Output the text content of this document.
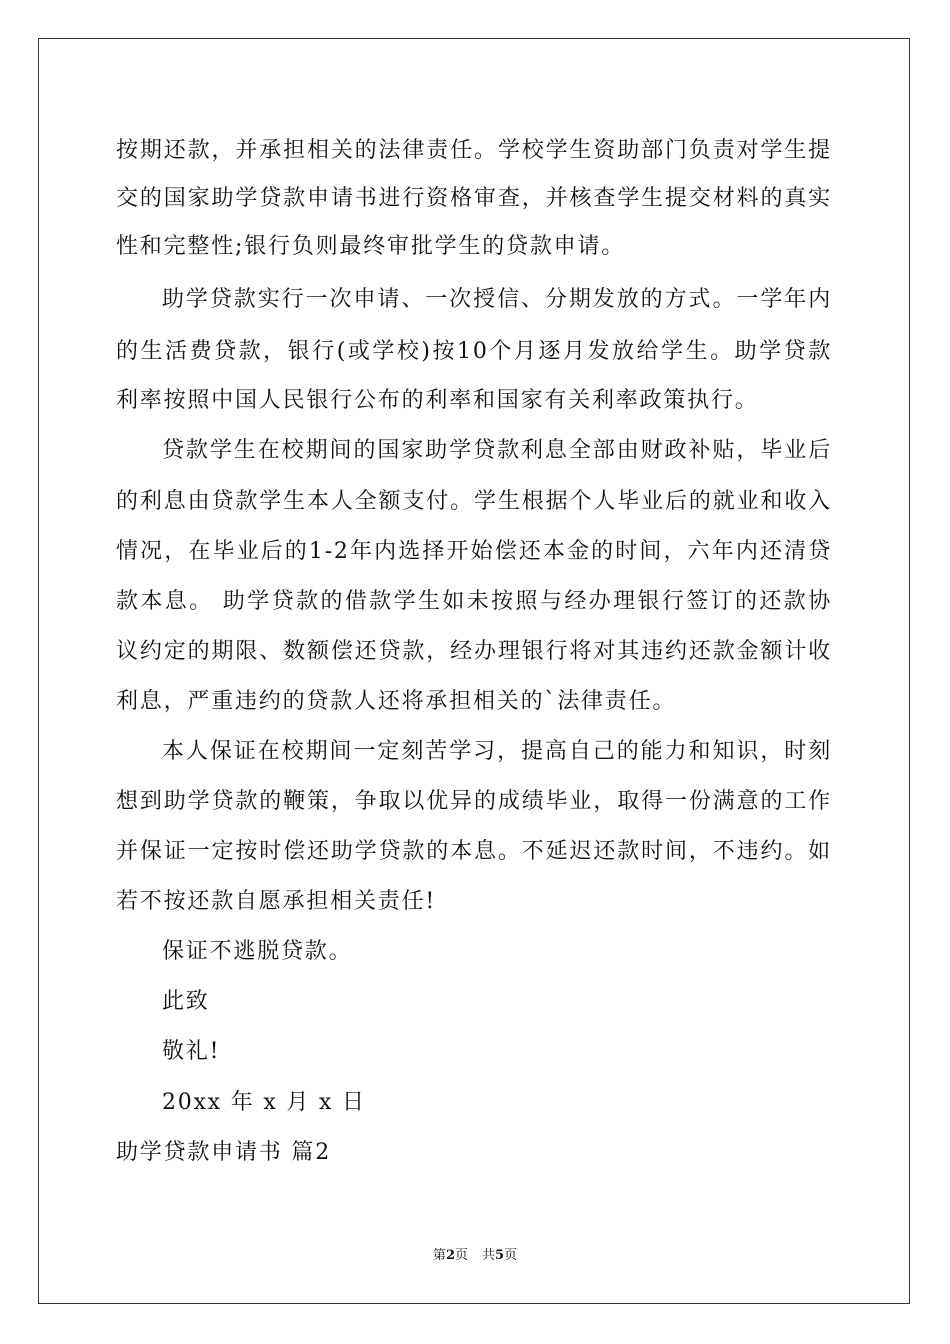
按期还款，并承担相关的法律责任。学校学生资助部门负责对学生提
交的国家助学贷款申请书进行资格审查，并核查学生提交材料的真实
性和完整性;银行负则最终审批学生的贷款申请。
助学贷款实行一次申请、一次授信、分期发放的方式。一学年内
的生活费贷款，银行(或学校)按10个月逐月发放给学生。助学贷款
利率按照中国人民银行公布的利率和国家有关利率政策执行。
贷款学生在校期间的国家助学贷款利息全部由财政补贴，毕业后
的利息由贷款学生本人全额支付。学生根据个人毕业后的就业和收入
情况，在毕业后的1-2年内选择开始偿还本金的时间，六年内还清贷
款本息。 助学贷款的借款学生如未按照与经办理银行签订的还款协
议约定的期限、数额偿还贷款，经办理银行将对其违约还款金额计收
利息，严重违约的贷款人还将承担相关的`法律责任。
本人保证在校期间一定刻苦学习，提高自己的能力和知识，时刻
想到助学贷款的鞭策，争取以优异的成绩毕业，取得一份满意的工作
并保证一定按时偿还助学贷款的本息。不延迟还款时间，不违约。如
若不按还款自愿承担相关责任!
保证不逃脱贷款。
此致
敬礼!
20xx 年 x 月 x 日
助学贷款申请书 篇2
第2页 共5页
